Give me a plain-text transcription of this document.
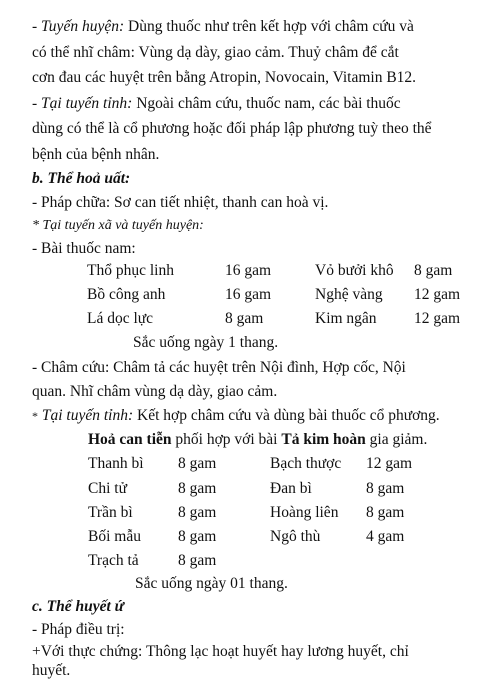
- Tuyến huyện: Dùng thuốc như trên kết hợp với châm cứu và
có thể nhĩ châm: Vùng dạ dày, giao cảm. Thuỷ châm để cắt
cơn đau các huyệt trên bằng Atropin, Novocain, Vitamin B12.
- Tại tuyến tỉnh: Ngoài châm cứu, thuốc nam, các bài thuốc
dùng có thể là cổ phương hoặc đối pháp lập phương tuỳ theo thể
bệnh của bệnh nhân.
b. Thể hoả uất:
- Pháp chữa: Sơ can tiết nhiệt, thanh can hoà vị.
* Tại tuyến xã và tuyến huyện:
- Bài thuốc nam:
Thổ phục linh	16 gam	Vỏ bưởi khô 8 gam
Bồ công anh	16 gam	Nghệ vàng 12 gam
Lá dọc lực	8 gam	Kim ngân 12 gam
Sắc uống ngày 1 thang.
- Châm cứu: Châm tả các huyệt trên Nội đình, Hợp cốc, Nội
quan. Nhĩ châm vùng dạ dày, giao cảm.
* Tại tuyến tỉnh: Kết hợp châm cứu và dùng bài thuốc cổ phương.
Hoả can tiễn phối hợp với bài Tả kim hoàn gia giảm.
Thanh bì 8 gam	Bạch thược 12 gam
Chi tử	8 gam	Đan bì	8 gam
Trần bì	8 gam	Hoàng liên 8 gam
Bối mẫu 8 gam	Ngô thù	4 gam
Trạch tả	8 gam
Sắc uống ngày 01 thang.
c. Thể huyết ứ
- Pháp điều trị:
+Với thực chứng: Thông lạc hoạt huyết hay lương huyết, chỉ
huyết.
